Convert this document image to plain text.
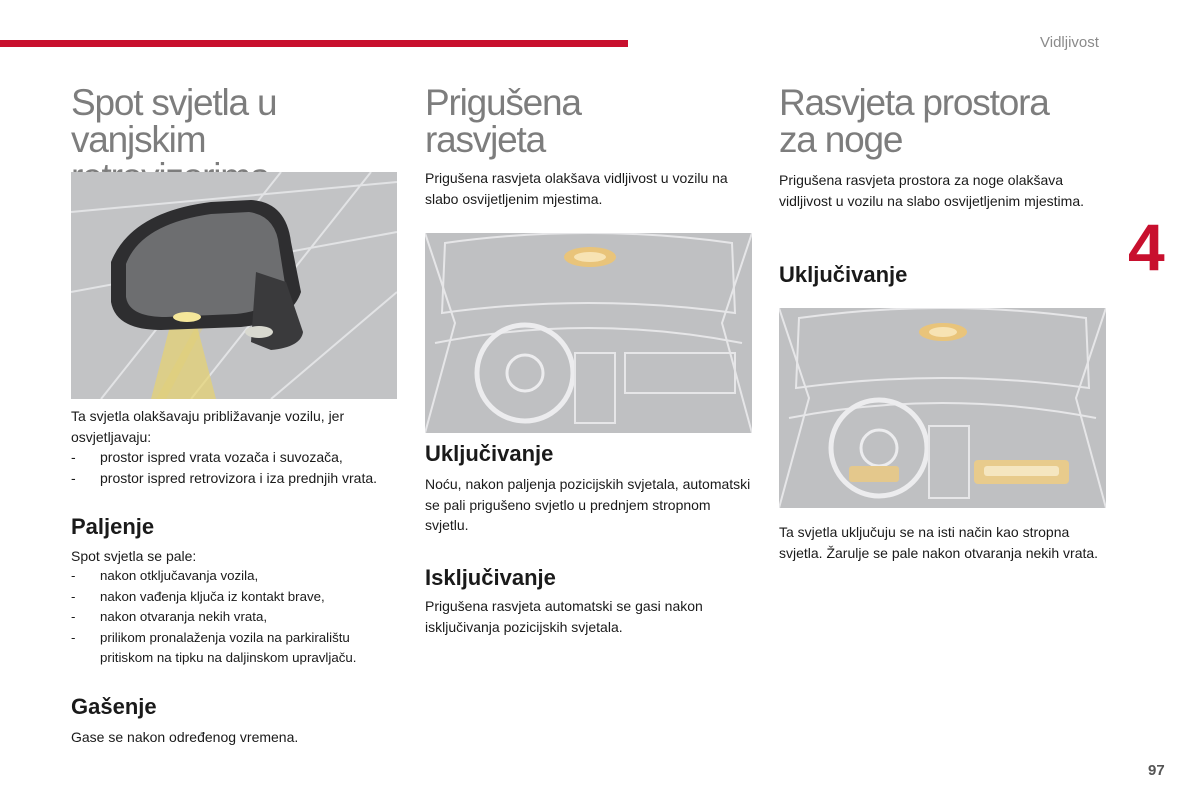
Vidljivost
4
97
Spot svjetla u vanjskim

Ta svjetla olakšavaju približavanje vozilu, jer osvjetljavaju:

- prostor ispred vrata vozača i suvozača,
- prostor ispred retrovizora i iza prednjih vrata.
Paljenje

Spot svjetla se pale:

- nakon otključavanja vozila,
- nakon vađenja ključa iz kontakt brave,
- nakon otvaranja nekih vrata,
- prilikom pronalaženja vozila na parkiralištu pritiskom na tipku na daljinskom upravljaču.
Gašenje

Gase se nakon određenog vremena.

Prigušena
rasvjeta

Prigušena rasvjeta olakšava vidljivost u vozilu na slabo osvijetljenim mjestima.

Uključivanje

Noću, nakon paljenja pozicijskih svjetala, automatski se pali prigušeno svjetlo u prednjem stropnom svjetlu.

Isključivanje

Prigušena rasvjeta automatski se gasi nakon isključivanja pozicijskih svjetala.

Rasvjeta prostora
za noge

Prigušena rasvjeta prostora za noge olakšava vidljivost u vozilu na slabo osvijetljenim mjestima.

Uključivanje

Ta svjetla uključuju se na isti način kao stropna svjetla. Žarulje se pale nakon otvaranja nekih vrata.
